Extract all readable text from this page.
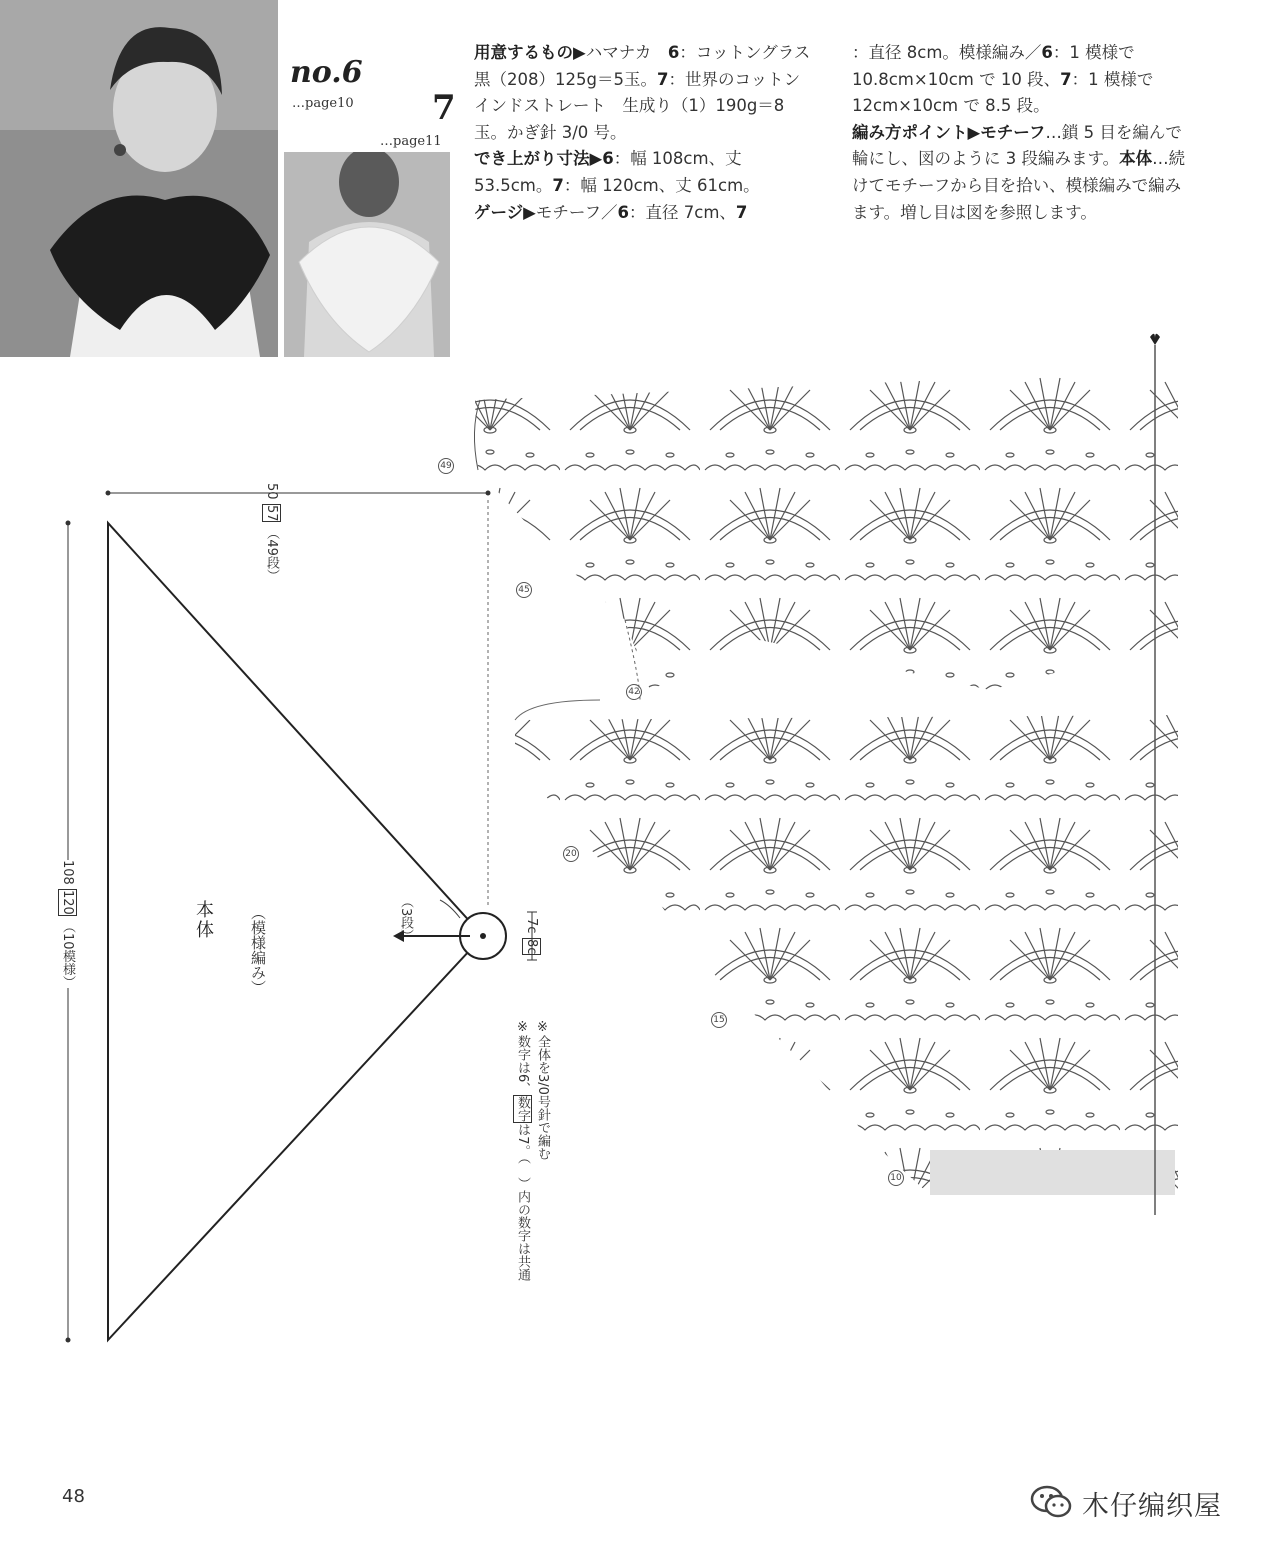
no.6
…page10 7
…page11

用意するもの▶ハマナカ　6：コットングラス　黒（208）125g＝5玉。7：世界のコットン インドストレート　生成り（1）190g＝8玉。かぎ針 3/0 号。

でき上がり寸法▶6：幅 108cm、丈 53.5cm。7：幅 120cm、丈 61cm。

ゲージ▶モチーフ／6：直径 7cm、7

：直径 8cm。模様編み／6：1 模様で 10.8cm×10cm で 10 段、7：1 模様で 12cm×10cm で 8.5 段。

編み方ポイント▶モチーフ…鎖 5 目を編んで輪にし、図のように 3 段編みます。本体…続けてモチーフから目を拾い、模様編みで編みます。増し目は図を参照します。

50 57 （49段）
108 120 （10模様）	本体 （模様編み）	（3段）	7c 8c

※全体を3/0号針で編む

※数字は6、数字は7。（　）内の数字は共通

49
45
42
20
15
10
48	木仔编织屋
